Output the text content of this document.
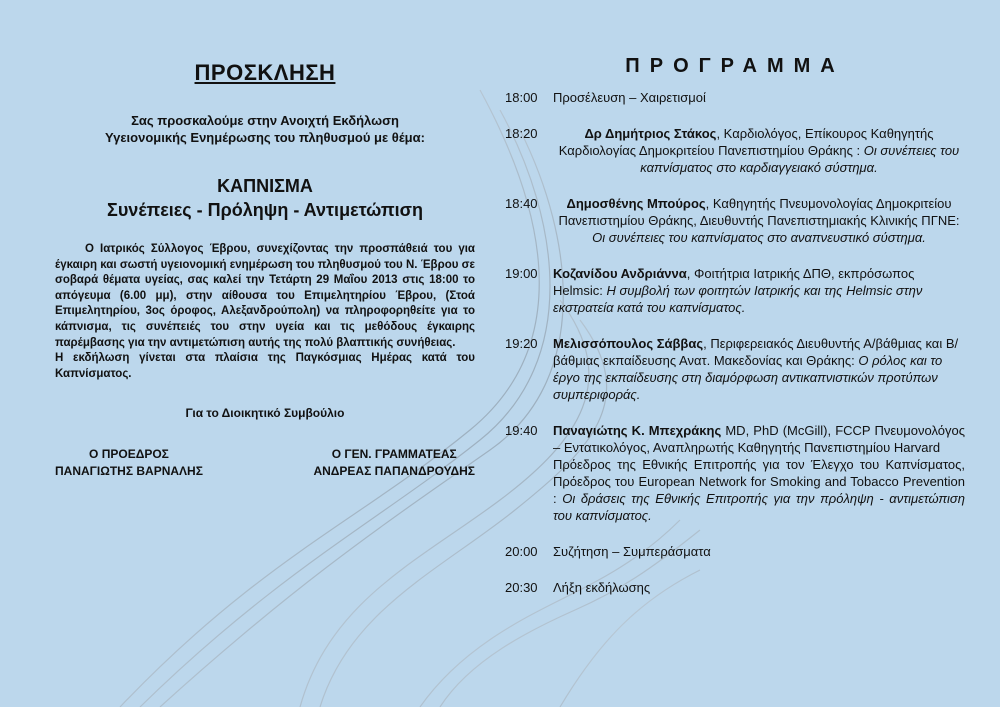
ΠΡΟΣΚΛΗΣΗ

Σας προσκαλούμε στην Ανοιχτή Εκδήλωση

Υγειονομικής Ενημέρωσης του πληθυσμού με θέμα:

ΚΑΠΝΙΣΜΑ
Συνέπειες - Πρόληψη - Αντιμετώπιση

Ο Ιατρικός Σύλλογος Έβρου, συνεχίζοντας την προσπάθειά του για έγκαιρη και σωστή υγειονομική ενημέρωση του πληθυσμού του Ν. Έβρου σε σοβαρά θέματα υγείας, σας καλεί την Τετάρτη 29 Μαΐου 2013 στις 18:00 το απόγευμα (6.00 μμ), στην αίθουσα του Επιμελητηρίου Έβρου, (Στοά Επιμελητηρίου, 3ος όροφος, Αλεξανδρούπολη) να πληροφορηθείτε για το κάπνισμα, τις συνέπειές του στην υγεία και τις μεθόδους έγκαιρης παρέμβασης για την αντιμετώπιση αυτής της πολύ βλαπτικής συνήθειας.

Η εκδήλωση γίνεται στα πλαίσια της Παγκόσμιας Ημέρας κατά του Καπνίσματος.

Για το Διοικητικό Συμβούλιο
Ο ΠΡΟΕΔΡΟΣ
ΠΑΝΑΓΙΩΤΗΣ ΒΑΡΝΑΛΗΣ
Ο ΓΕΝ. ΓΡΑΜΜΑΤΕΑΣ
ΑΝΔΡΕΑΣ ΠΑΠΑΝΔΡΟΥΔΗΣ
ΠΡΟΓΡΑΜΜΑ
18:00	Προσέλευση – Χαιρετισμοί
18:20	Δρ Δημήτριος Στάκος, Καρδιολόγος, Επίκουρος Καθηγητής Καρδιολογίας Δημοκριτείου Πανεπιστημίου Θράκης : Οι συνέπειες του καπνίσματος στο καρδιαγγειακό σύστημα.
18:40	Δημοσθένης Μπούρος, Καθηγητής Πνευμονολογίας Δημοκριτείου Πανεπιστημίου Θράκης, Διευθυντής Πανεπιστημιακής Κλινικής ΠΓΝΕ: Οι συνέπειες του καπνίσματος στο αναπνευστικό σύστημα.
19:00	Κοζανίδου Ανδριάννα, Φοιτήτρια Ιατρικής ΔΠΘ, εκπρόσωπος Helmsic: Η συμβολή των φοιτητών Ιατρικής και της Helmsic στην εκστρατεία κατά του καπνίσματος.
19:20	Μελισσόπουλος Σάββας, Περιφερειακός Διευθυντής Α/βάθμιας και Β/βάθμιας εκπαίδευσης Ανατ. Μακεδονίας και Θράκης: Ο ρόλος και το έργο της εκπαίδευσης στη διαμόρφωση αντικαπνιστικών προτύπων συμπεριφοράς.
19:40	Παναγιώτης Κ. Μπεχράκης MD, PhD (McGill), FCCP Πνευμονολόγος – Εντατικολόγος, Αναπληρωτής Καθηγητής Πανεπιστημίου Harvard
Πρόεδρος της Εθνικής Επιτροπής για τον Έλεγχο του Καπνίσματος, Πρόεδρος του European Network for Smoking and Tobacco Prevention : Οι δράσεις της Εθνικής Επιτροπής για την πρόληψη - αντιμετώπιση του καπνίσματος.
20:00	Συζήτηση – Συμπεράσματα
20:30	Λήξη εκδήλωσης
